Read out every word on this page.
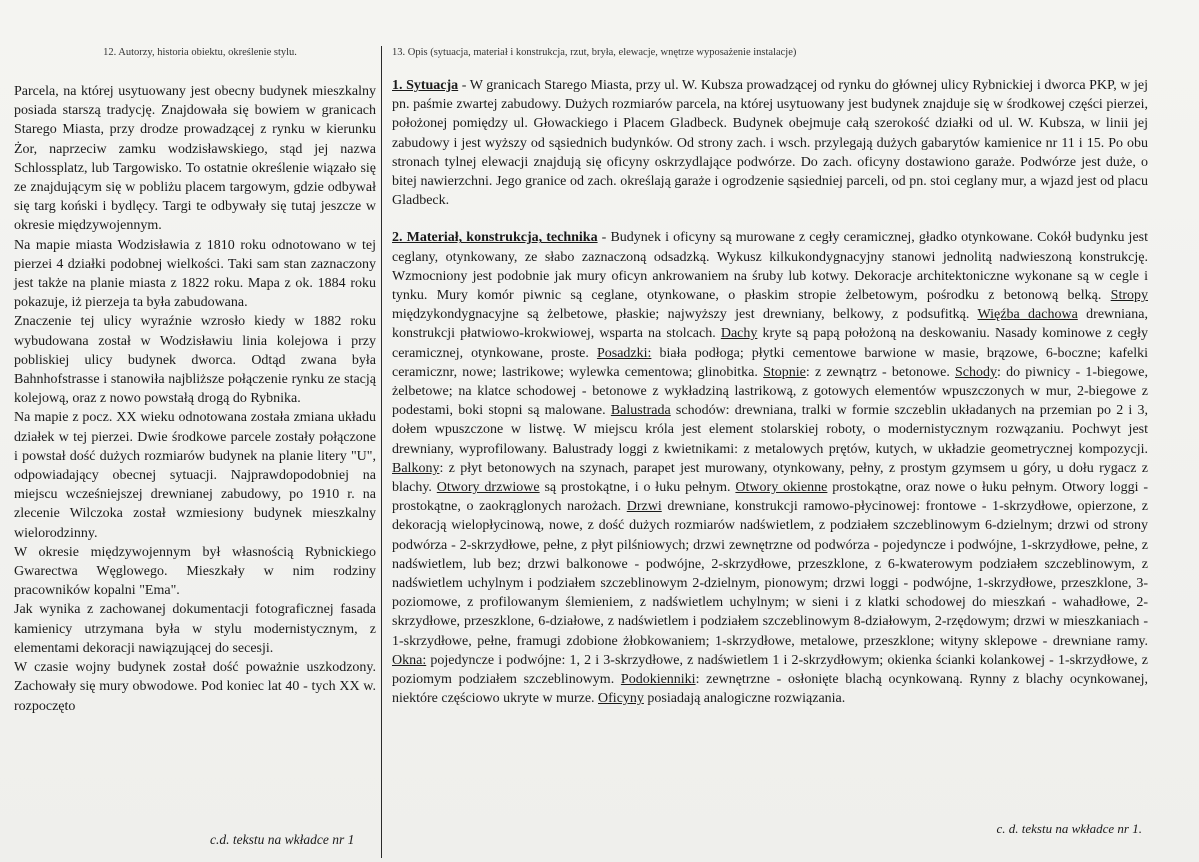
12. Autorzy, historia obiektu, określenie stylu.

Parcela, na której usytuowany jest obecny budynek mieszkalny posiada starszą tradycję. Znajdowała się bowiem w granicach Starego Miasta, przy drodze prowadzącej z rynku w kierunku Żor, naprzeciw zamku wodzisławskiego, stąd jej nazwa Schlossplatz, lub Targowisko. To ostatnie określenie wiązało się ze znajdującym się w pobliżu placem targowym, gdzie odbywał się targ koński i bydlęcy. Targi te odbywały się tutaj jeszcze w okresie międzywojennym.

Na mapie miasta Wodzisławia z 1810 roku odnotowano w tej pierzei 4 działki podobnej wielkości. Taki sam stan zaznaczony jest także na planie miasta z 1822 roku. Mapa z ok. 1884 roku pokazuje, iż pierzeja ta była zabudowana.

Znaczenie tej ulicy wyraźnie wzrosło kiedy w 1882 roku wybudowana został w Wodzisławiu linia kolejowa i przy pobliskiej ulicy budynek dworca. Odtąd zwana była Bahnhofstrasse i stanowiła najbliższe połączenie rynku ze stacją kolejową, oraz z nowo powstałą drogą do Rybnika.

Na mapie z pocz. XX wieku odnotowana została zmiana układu działek w tej pierzei. Dwie środkowe parcele zostały połączone i powstał dość dużych rozmiarów budynek na planie litery "U", odpowiadający obecnej sytuacji. Najprawdopodobniej na miejscu wcześniejszej drewnianej zabudowy, po 1910 r. na zlecenie Wilczoka został wzmiesiony budynek mieszkalny wielorodzinny.

W okresie międzywojennym był własnością Rybnickiego Gwarectwa Węglowego. Mieszkały w nim rodziny pracowników kopalni "Ema".

Jak wynika z zachowanej dokumentacji fotograficznej fasada kamienicy utrzymana była w stylu modernistycznym, z elementami dekoracji nawiązującej do secesji.

W czasie wojny budynek został dość poważnie uszkodzony. Zachowały się mury obwodowe. Pod koniec lat 40 - tych XX w. rozpoczęto

c.d. tekstu na wkładce nr 1
13. Opis (sytuacja, materiał i konstrukcja, rzut, bryła, elewacje, wnętrze wyposażenie instalacje)

1. Sytuacja - W granicach Starego Miasta, przy ul. W. Kubsza prowadzącej od rynku do głównej ulicy Rybnickiej i dworca PKP, w jej pn. paśmie zwartej zabudowy. Dużych rozmiarów parcela, na której usytuowany jest budynek znajduje się w środkowej części pierzei, położonej pomiędzy ul. Głowackiego i Placem Gladbeck. Budynek obejmuje całą szerokość działki od ul. W. Kubsza, w linii jej zabudowy i jest wyższy od sąsiednich budynków. Od strony zach. i wsch. przylegają dużych gabarytów kamienice nr 11 i 15. Po obu stronach tylnej elewacji znajdują się oficyny oskrzydlające podwórze. Do zach. oficyny dostawiono garaże. Podwórze jest duże, o bitej nawierzchni. Jego granice od zach. określają garaże i ogrodzenie sąsiedniej parceli, od pn. stoi ceglany mur, a wjazd jest od placu Gladbeck.

2. Materiał, konstrukcja, technika - Budynek i oficyny są murowane z cegły ceramicznej, gładko otynkowane. Cokół budynku jest ceglany, otynkowany, ze słabo zaznaczoną odsadzką. Wykusz kilkukondygnacyjny stanowi jednolitą nadwieszoną konstrukcję. Wzmocniony jest podobnie jak mury oficyn ankrowaniem na śruby lub kotwy. Dekoracje architektoniczne wykonane są w cegle i tynku. Mury komór piwnic są ceglane, otynkowane, o płaskim stropie żelbetowym, pośrodku z betonową belką. Stropy międzykondygnacyjne są żelbetowe, płaskie; najwyższy jest drewniany, belkowy, z podsufitką. Więźba dachowa drewniana, konstrukcji płatwiowo-krokwiowej, wsparta na stolcach. Dachy kryte są papą położoną na deskowaniu. Nasady kominowe z cegły ceramicznej, otynkowane, proste. Posadzki: biała podłoga; płytki cementowe barwione w masie, brązowe, 6-boczne; kafelki ceramicznr, nowe; lastrikowe; wylewka cementowa; glinobitka. Stopnie: z zewnątrz - betonowe. Schody: do piwnicy - 1-biegowe, żelbetowe; na klatce schodowej - betonowe z wykładziną lastrikową, z gotowych elementów wpuszczonych w mur, 2-biegowe z podestami, boki stopni są malowane. Balustrada schodów: drewniana, tralki w formie szczeblin układanych na przemian po 2 i 3, dołem wpuszczone w listwę. W miejscu króla jest element stolarskiej roboty, o modernistycznym rozwązaniu. Pochwyt jest drewniany, wyprofilowany. Balustrady loggi z kwietnikami: z metalowych prętów, kutych, w układzie geometrycznej kompozycji. Balkony: z płyt betonowych na szynach, parapet jest murowany, otynkowany, pełny, z prostym gzymsem u góry, u dołu rygacz z blachy. Otwory drzwiowe są prostokątne, i o łuku pełnym. Otwory okienne prostokątne, oraz nowe o łuku pełnym. Otwory loggi - prostokątne, o zaokrąglonych narożach. Drzwi drewniane, konstrukcji ramowo-płycinowej: frontowe - 1-skrzydłowe, opierzone, z dekoracją wielopłycinową, nowe, z dość dużych rozmiarów nadświetlem, z podziałem szczeblinowym 6-dzielnym; drzwi od strony podwórza - 2-skrzydłowe, pełne, z płyt pilśniowych; drzwi zewnętrzne od podwórza - pojedyncze i podwójne, 1-skrzydłowe, pełne, z nadświetlem, lub bez; drzwi balkonowe - podwójne, 2-skrzydłowe, przeszklone, z 6-kwaterowym podziałem szczeblinowym, z nadświetlem uchylnym i podziałem szczeblinowym 2-dzielnym, pionowym; drzwi loggi - podwójne, 1-skrzydłowe, przeszklone, 3-poziomowe, z profilowanym ślemieniem, z nadświetlem uchylnym; w sieni i z klatki schodowej do mieszkań - wahadłowe, 2-skrzydłowe, przeszklone, 6-działowe, z nadświetlem i podziałem szczeblinowym 8-działowym, 2-rzędowym; drzwi w mieszkaniach - 1-skrzydłowe, pełne, framugi zdobione żłobkowaniem; 1-skrzydłowe, metalowe, przeszklone; wityny sklepowe - drewniane ramy. Okna: pojedyncze i podwójne: 1, 2 i 3-skrzydłowe, z nadświetlem 1 i 2-skrzydłowym; okienka ścianki kolankowej - 1-skrzydłowe, z poziomym podziałem szczeblinowym. Podokienniki: zewnętrzne - osłonięte blachą ocynkowaną. Rynny z blachy ocynkowanej, niektóre częściowo ukryte w murze. Oficyny posiadają analogiczne rozwiązania.

c. d. tekstu na wkładce nr 1.
